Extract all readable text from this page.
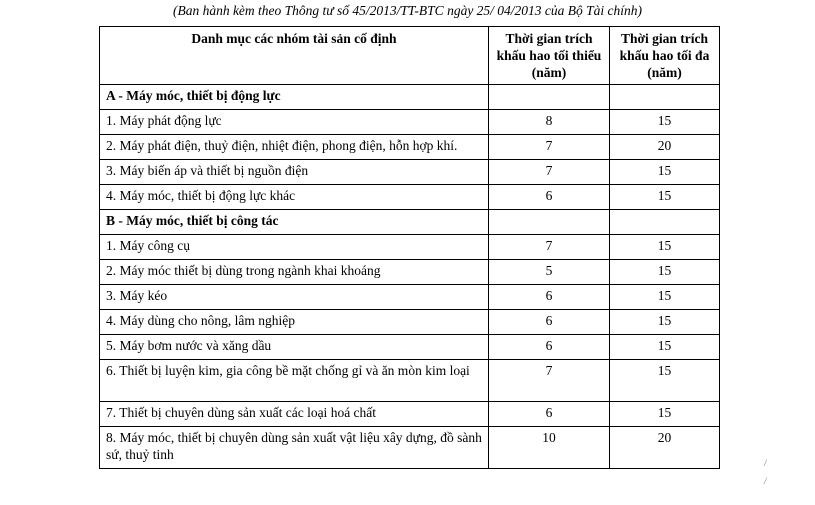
(Ban hành kèm theo Thông tư số 45/2013/TT-BTC ngày 25/ 04/2013 của Bộ Tài chính)
Danh mục các nhóm tài sản cố định	Thời gian trích khấu hao tối thiểu (năm)	Thời gian trích khấu hao tối đa (năm)
A - Máy móc, thiết bị động lực		
1. Máy phát động lực	8	15
2. Máy phát điện, thuỷ điện, nhiệt điện, phong điện, hỗn hợp khí.	7	20
3. Máy biến áp và thiết bị nguồn điện	7	15
4. Máy móc, thiết bị động lực khác	6	15
B - Máy móc, thiết bị công tác		
1. Máy công cụ	7	15
2. Máy móc thiết bị dùng trong ngành khai khoáng	5	15
3. Máy kéo	6	15
4. Máy dùng cho nông, lâm nghiệp	6	15
5. Máy bơm nước và xăng dầu	6	15
6. Thiết bị luyện kim, gia công bề mặt chống gỉ và ăn mòn kim loại	7	15
7. Thiết bị chuyên dùng sản xuất các loại hoá chất	6	15
8. Máy móc, thiết bị chuyên dùng sản xuất vật liệu xây dựng, đồ sành sứ, thuỷ tinh	10	20
/
/
